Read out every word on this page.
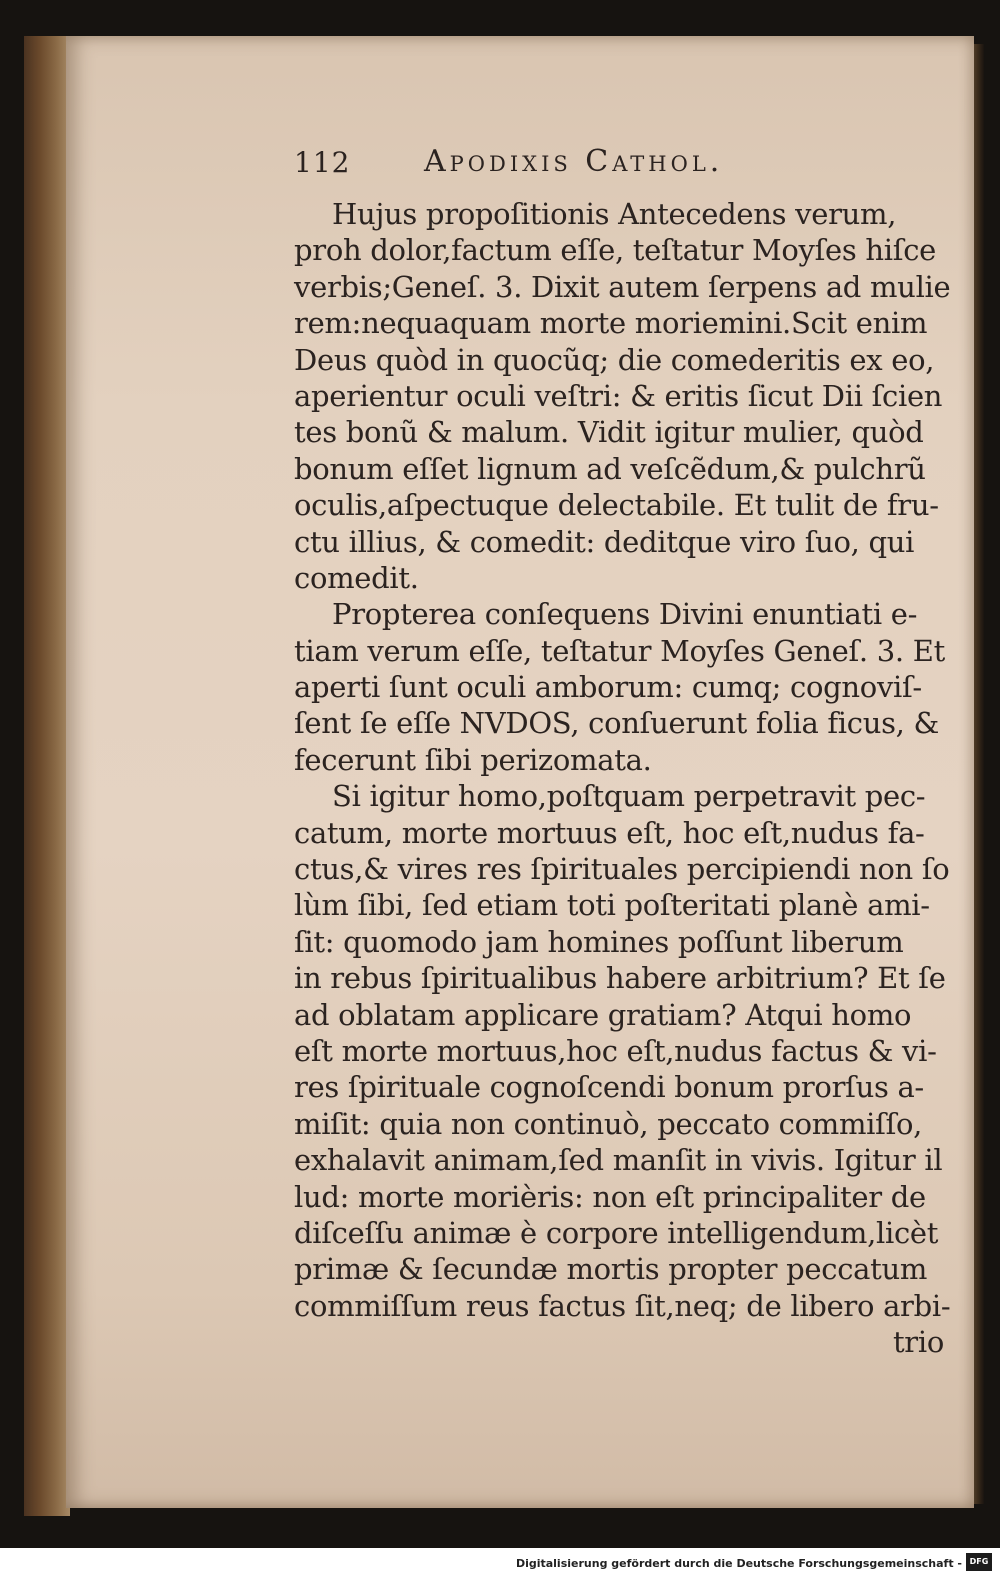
112 Apodixis Cathol.
Hujus propoſitionis Antecedens verum,
proh dolor,factum eſſe, teſtatur Moyſes hiſce
verbis;Geneſ. 3. Dixit autem ſerpens ad mulie
rem:nequaquam morte moriemini.Scit enim
Deus quòd in quocũq; die comederitis ex eo,
aperientur oculi veſtri: & eritis ſicut Dii ſcien
tes bonũ & malum. Vidit igitur mulier, quòd
bonum eſſet lignum ad veſcẽdum,& pulchrũ
oculis,aſpectuque delectabile. Et tulit de fru-
ctu illius, & comedit: deditque viro ſuo, qui
comedit.
Propterea conſequens Divini enuntiati e-
tiam verum eſſe, teſtatur Moyſes Geneſ. 3. Et
aperti ſunt oculi amborum: cumq; cognoviſ-
ſent ſe eſſe NVDOS, conſuerunt folia ficus, &
fecerunt ſibi perizomata.
Si igitur homo,poſtquam perpetravit pec-
catum, morte mortuus eſt, hoc eſt,nudus fa-
ctus,& vires res ſpirituales percipiendi non ſo
lùm ſibi, ſed etiam toti poſteritati planè ami-
ſit: quomodo jam homines poſſunt liberum
in rebus ſpiritualibus habere arbitrium? Et ſe
ad oblatam applicare gratiam? Atqui homo
eſt morte mortuus,hoc eſt,nudus factus & vi-
res ſpirituale cognoſcendi bonum prorſus a-
miſit: quia non continuò, peccato commiſſo,
exhalavit animam,ſed manſit in vivis. Igitur il
lud: morte morièris: non eſt principaliter de
diſceſſu animæ è corpore intelligendum,licèt
primæ & ſecundæ mortis propter peccatum
commiſſum reus factus ſit,neq; de libero arbi-
trio
Digitalisierung gefördert durch die Deutsche Forschungsgemeinschaft - DFG
